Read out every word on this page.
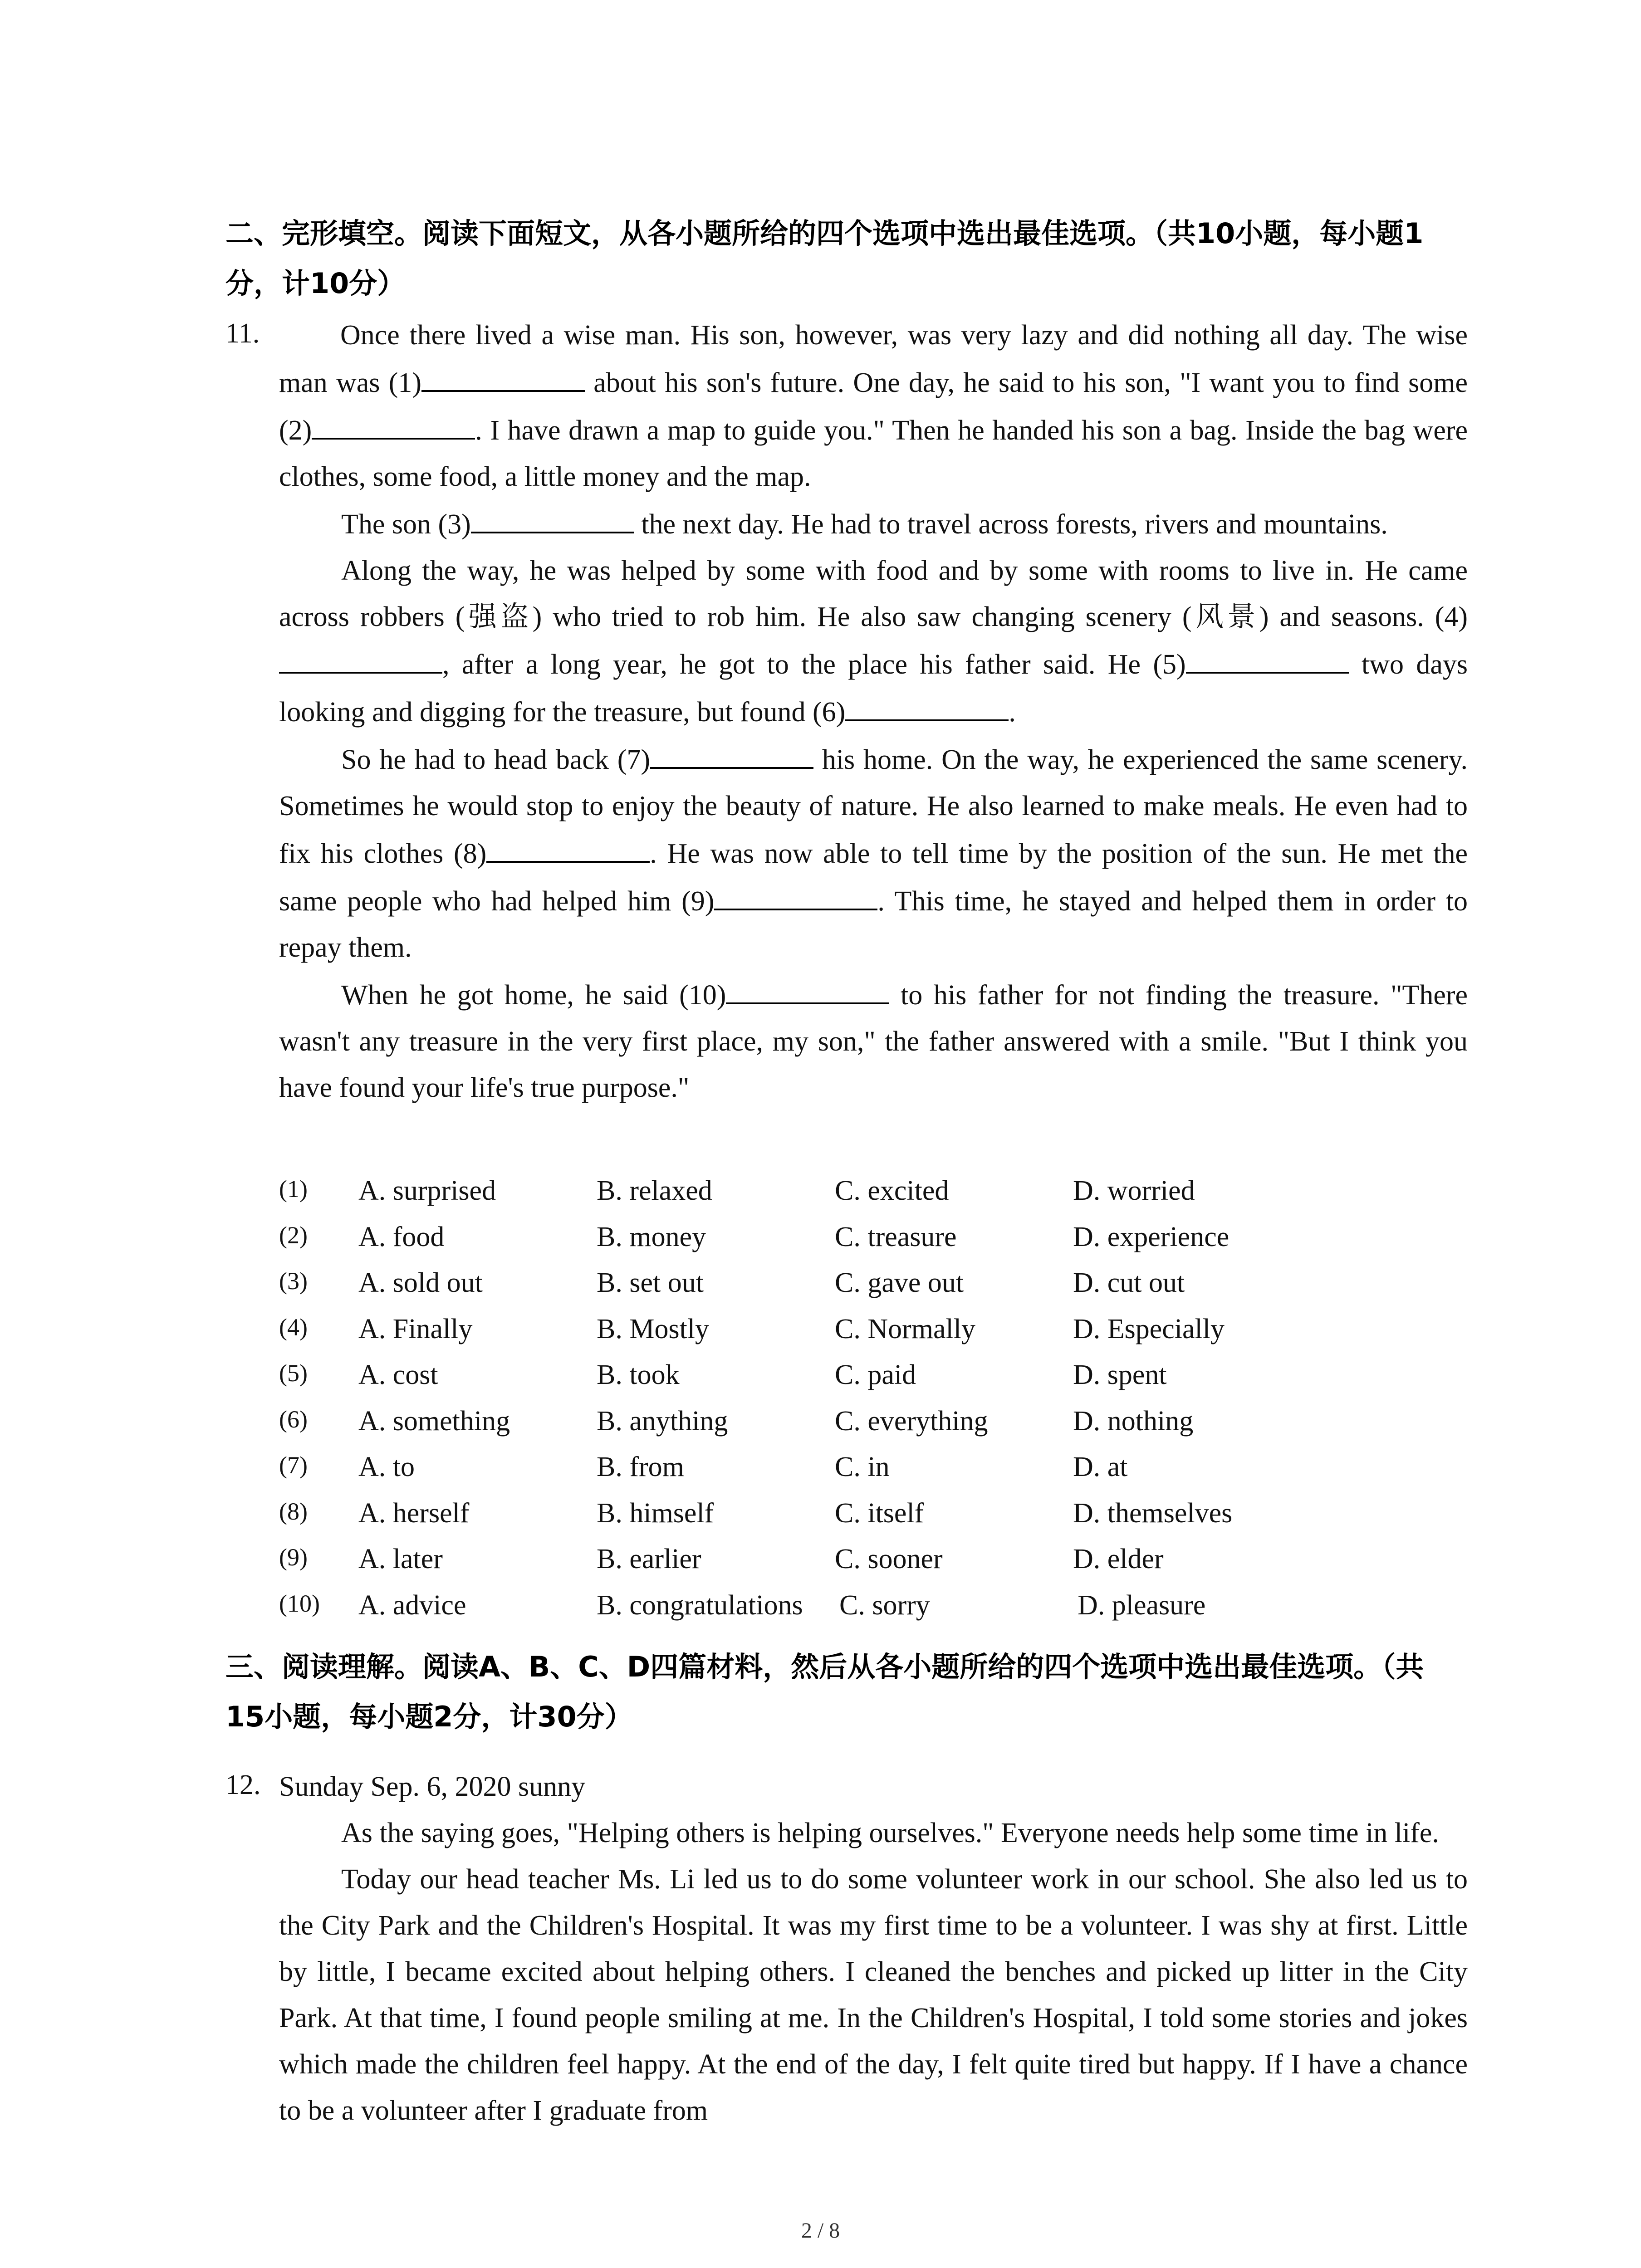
二、完形填空。阅读下面短文，从各小题所给的四个选项中选出最佳选项。（共10小题，每小题1分，计10分）
11.	Once there lived a wise man. His son, however, was very lazy and did nothing all day. The wise man was (1)	about his son's future. One day, he said to his son, "I want you to find some (2)	. I have drawn a map to guide you." Then he handed his son a bag. Inside the bag were clothes, some food, a little money and the map.

The son (3)	the next day. He had to travel across forests, rivers and mountains.

Along the way, he was helped by some with food and by some with rooms to live in. He came across robbers (强盗) who tried to rob him. He also saw changing scenery (风景) and seasons. (4), after a long year, he got to the place his father said. He (5)	two days looking and digging for the treasure, but found (6)	.

So he had to head back (7)	his home. On the way, he experienced the same scenery. Sometimes he would stop to enjoy the beauty of nature. He also learned to make meals. He even had to fix his clothes (8)	. He was now able to tell time by the position of the sun. He met the same people who had helped him (9)	. This time, he stayed and helped them in order to repay them.

When he got home, he said (10)	to his father for not finding the treasure. "There wasn't any treasure in the very first place, my son," the father answered with a smile. "But I think you have found your life's true purpose."

(1) A. surprised	B. relaxed	C. excited	D. worried
(2) A. food	B. money	C. treasure	D. experience
(3) A. sold out	B. set out	C. gave out	D. cut out
(4) A. Finally	B. Mostly	C. Normally	D. Especially
(5) A. cost	B. took	C. paid	D. spent
(6) A. something	B. anything	C. everything	D. nothing
(7) A. to	B. from	C. in	D. at
(8) A. herself	B. himself	C. itself	D. themselves
(9) A. later	B. earlier	C. sooner	D. elder
(10) A. advice	B. congratulations C. sorry	D. pleasure
三、阅读理解。阅读A、B、C、D四篇材料，然后从各小题所给的四个选项中选出最佳选项。（共15小题，每小题2分，计30分）
12. Sunday Sep. 6, 2020 sunny

As the saying goes, "Helping others is helping ourselves." Everyone needs help some time in life.

Today our head teacher Ms. Li led us to do some volunteer work in our school. She also led us to the City Park and the Children's Hospital. It was my first time to be a volunteer. I was shy at first. Little by little, I became excited about helping others. I cleaned the benches and picked up litter in the City Park. At that time, I found people smiling at me. In the Children's Hospital, I told some stories and jokes which made the children feel happy. At the end of the day, I felt quite tired but happy. If I have a chance to be a volunteer after I graduate from

2 / 8
